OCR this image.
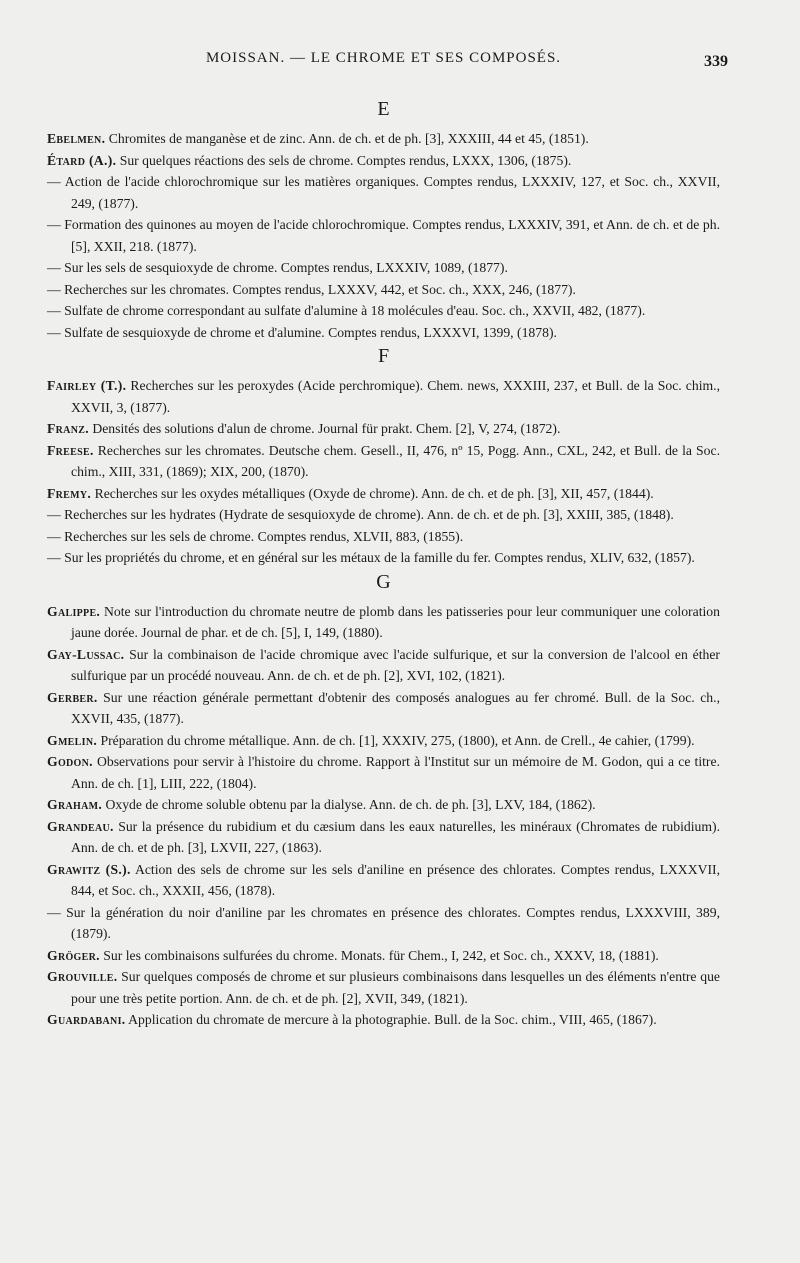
MOISSAN. — LE CHROME ET SES COMPOSÉS.	339
E

Ebelmen. Chromites de manganèse et de zinc. Ann. de ch. et de ph. [3], XXXIII, 44 et 45, (1851).

Étard (A.). Sur quelques réactions des sels de chrome. Comptes rendus, LXXX, 1306, (1875).

— Action de l'acide chlorochromique sur les matières organiques. Comptes rendus, LXXXIV, 127, et Soc. ch., XXVII, 249, (1877).

— Formation des quinones au moyen de l'acide chlorochromique. Comptes rendus, LXXXIV, 391, et Ann. de ch. et de ph. [5], XXII, 218. (1877).

— Sur les sels de sesquioxyde de chrome. Comptes rendus, LXXXIV, 1089, (1877).

— Recherches sur les chromates. Comptes rendus, LXXXV, 442, et Soc. ch., XXX, 246, (1877).

— Sulfate de chrome correspondant au sulfate d'alumine à 18 molécules d'eau. Soc. ch., XXVII, 482, (1877).

— Sulfate de sesquioxyde de chrome et d'alumine. Comptes rendus, LXXXVI, 1399, (1878).

F

Fairley (T.). Recherches sur les peroxydes (Acide perchromique). Chem. news, XXXIII, 237, et Bull. de la Soc. chim., XXVII, 3, (1877).

Franz. Densités des solutions d'alun de chrome. Journal für prakt. Chem. [2], V, 274, (1872).

Freese. Recherches sur les chromates. Deutsche chem. Gesell., II, 476, nº 15, Pogg. Ann., CXL, 242, et Bull. de la Soc. chim., XIII, 331, (1869); XIX, 200, (1870).

Fremy. Recherches sur les oxydes métalliques (Oxyde de chrome). Ann. de ch. et de ph. [3], XII, 457, (1844).

— Recherches sur les hydrates (Hydrate de sesquioxyde de chrome). Ann. de ch. et de ph. [3], XXIII, 385, (1848).

— Recherches sur les sels de chrome. Comptes rendus, XLVII, 883, (1855).

— Sur les propriétés du chrome, et en général sur les métaux de la famille du fer. Comptes rendus, XLIV, 632, (1857).

G

Galippe. Note sur l'introduction du chromate neutre de plomb dans les patisseries pour leur communiquer une coloration jaune dorée. Journal de phar. et de ch. [5], I, 149, (1880).

Gay-Lussac. Sur la combinaison de l'acide chromique avec l'acide sulfurique, et sur la conversion de l'alcool en éther sulfurique par un procédé nouveau. Ann. de ch. et de ph. [2], XVI, 102, (1821).

Gerber. Sur une réaction générale permettant d'obtenir des composés analogues au fer chromé. Bull. de la Soc. ch., XXVII, 435, (1877).

Gmelin. Préparation du chrome métallique. Ann. de ch. [1], XXXIV, 275, (1800), et Ann. de Crell., 4e cahier, (1799).

Godon. Observations pour servir à l'histoire du chrome. Rapport à l'Institut sur un mémoire de M. Godon, qui a ce titre. Ann. de ch. [1], LIII, 222, (1804).

Graham. Oxyde de chrome soluble obtenu par la dialyse. Ann. de ch. de ph. [3], LXV, 184, (1862).

Grandeau. Sur la présence du rubidium et du cæsium dans les eaux naturelles, les minéraux (Chromates de rubidium). Ann. de ch. et de ph. [3], LXVII, 227, (1863).

Grawitz (S.). Action des sels de chrome sur les sels d'aniline en présence des chlorates. Comptes rendus, LXXXVII, 844, et Soc. ch., XXXII, 456, (1878).

— Sur la génération du noir d'aniline par les chromates en présence des chlorates. Comptes rendus, LXXXVIII, 389, (1879).

Gröger. Sur les combinaisons sulfurées du chrome. Monats. für Chem., I, 242, et Soc. ch., XXXV, 18, (1881).

Grouville. Sur quelques composés de chrome et sur plusieurs combinaisons dans lesquelles un des éléments n'entre que pour une très petite portion. Ann. de ch. et de ph. [2], XVII, 349, (1821).

Guardabani. Application du chromate de mercure à la photographie. Bull. de la Soc. chim., VIII, 465, (1867).
